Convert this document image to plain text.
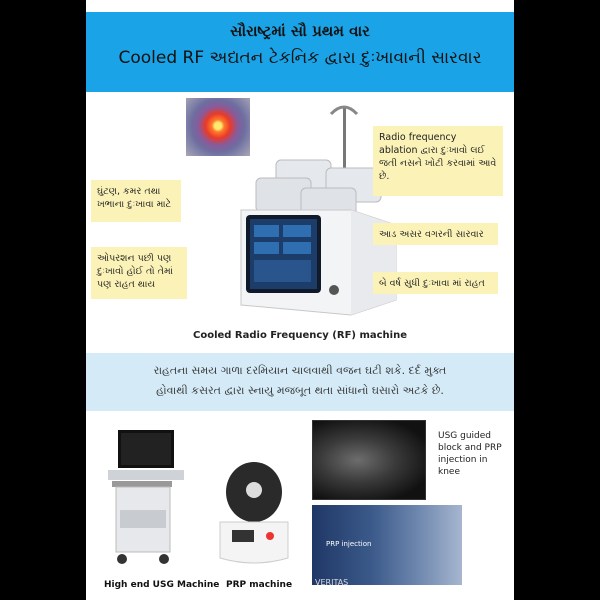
સૌરાષ્ટ્રમાં સૌ પ્રથમ વાર
Cooled RF અદ્યતન ટેકનિક દ્વારા દુઃખાવાની સારવાર
ઘુંટણ, કમર તથા ખભાના દુઃખાવા માટે
ઓપરશન પછી પણ દુઃખાવો હોઈ તો તેમાં પણ રાહત થાય
Radio frequency ablation દ્વારા દુઃખાવો લઈ જતી નસને ખોટી કરવામાં આવે છે.
આડ અસર વગરની સારવાર
બે વર્ષ સુધી દુઃખાવા માં રાહત
Cooled Radio Frequency (RF) machine
રાહતના સમય ગાળા દરમિયાન ચાલવાથી વજન ઘટી શકે. દર્દ મુક્ત
હોવાથી કસરત દ્વારા સ્નાયુ મજબૂત થતા સાંધાનો ઘસારો અટકે છે.
PRP injection
VERITAS
USG guided block and PRP injection in knee
High end USG Machine PRP machine
